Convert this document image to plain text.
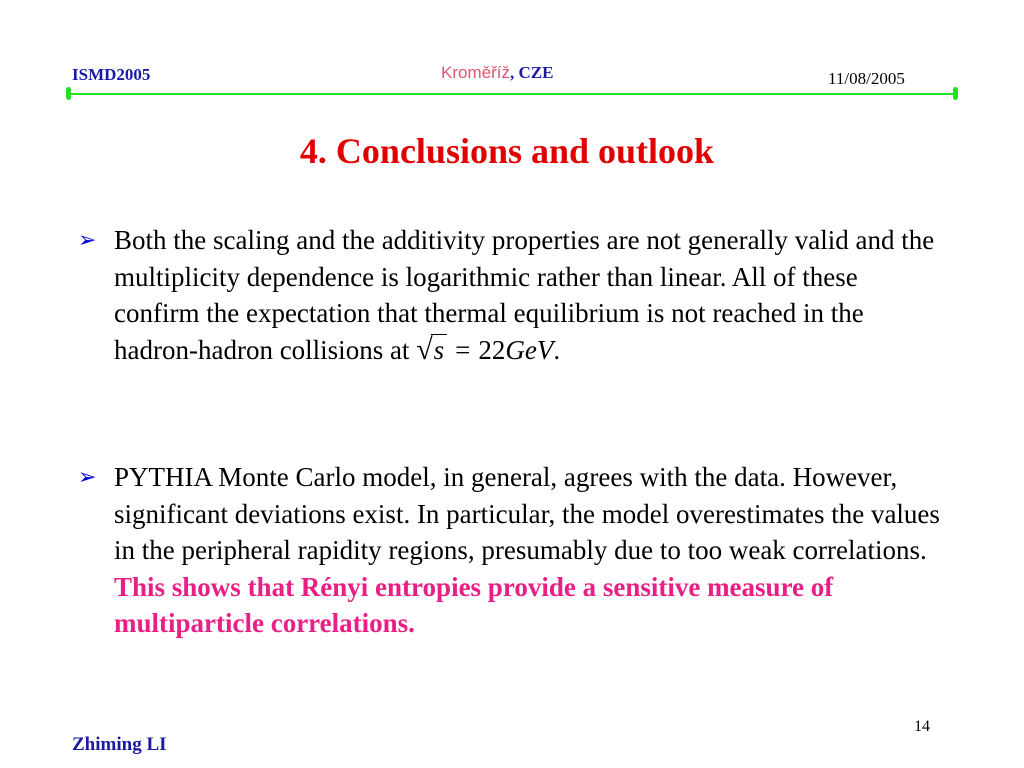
ISMD2005	Kroměříž, CZE	11/08/2005
4. Conclusions and outlook
➢ Both the scaling and the additivity properties are not generally valid and the multiplicity dependence is logarithmic rather than linear. All of these confirm the expectation that thermal equilibrium is not reached in the hadron-hadron collisions at √s = 22GeV.
➢ PYTHIA Monte Carlo model, in general, agrees with the data. However, significant deviations exist. In particular, the model overestimates the values in the peripheral rapidity regions, presumably due to too weak correlations. This shows that Rényi entropies provide a sensitive measure of multiparticle correlations.
14
Zhiming LI
